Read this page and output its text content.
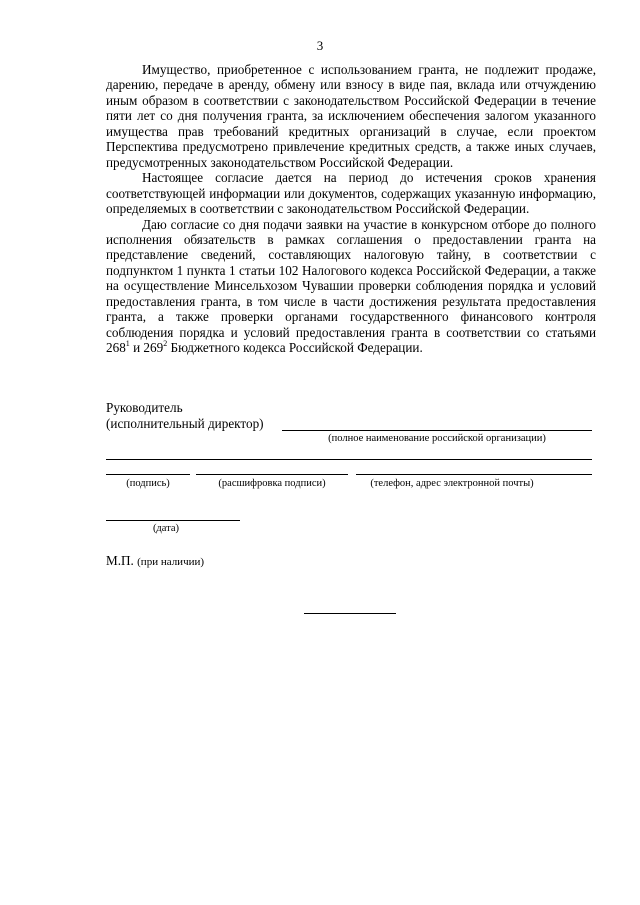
3

Имущество, приобретенное с использованием гранта, не подлежит продаже, дарению, передаче в аренду, обмену или взносу в виде пая, вклада или отчуждению иным образом в соответствии с законодательством Российской Федерации в течение пяти лет со дня получения гранта, за исключением обеспечения залогом указанного имущества прав требований кредитных организаций в случае, если проектом Перспектива предусмотрено привлечение кредитных средств, а также иных случаев, предусмотренных законодательством Российской Федерации.

Настоящее согласие дается на период до истечения сроков хранения соответствующей информации или документов, содержащих указанную информацию, определяемых в соответствии с законодательством Российской Федерации.

Даю согласие со дня подачи заявки на участие в конкурсном отборе до полного исполнения обязательств в рамках соглашения о предоставлении гранта на представление сведений, составляющих налоговую тайну, в соответствии с подпунктом 1 пункта 1 статьи 102 Налогового кодекса Российской Федерации, а также на осуществление Минсельхозом Чувашии проверки соблюдения порядка и условий предоставления гранта, в том числе в части достижения результата предоставления гранта, а также проверки органами государственного финансового контроля соблюдения порядка и условий предоставления гранта в соответствии со статьями $268^1$ и $269^2$ Бюджетного кодекса Российской Федерации.

Руководитель
(исполнительный директор)
(полное наименование российской организации)
(подпись)	(расшифровка подписи)	(телефон, адрес электронной почты)
(дата)
М.П. (при наличии)
